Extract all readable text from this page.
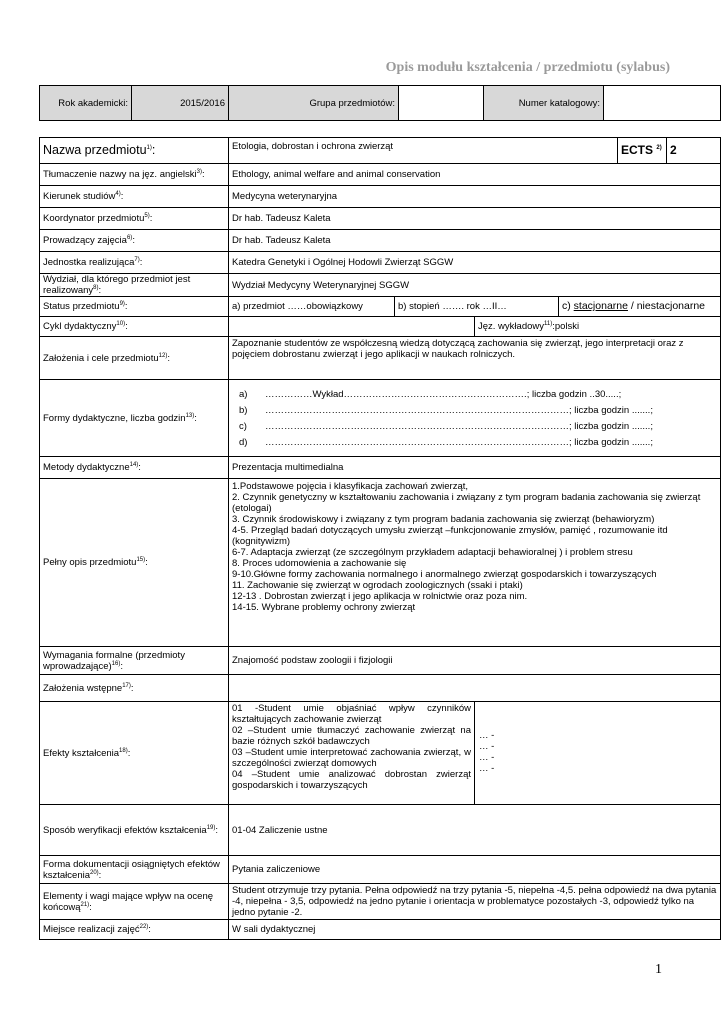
Opis modułu kształcenia / przedmiotu (sylabus)
Rok akademicki:	2015/2016	Grupa przedmiotów:		Numer katalogowy:	
Nazwa przedmiotu$^{1)}$:	Etologia, dobrostan i ochrona zwierząt	ECTS $^{2)}$	2
Tłumaczenie nazwy na jęz. angielski$^{3)}$:	Ethology, animal welfare and animal conservation
Kierunek studiów$^{4)}$:	Medycyna weterynaryjna
Koordynator przedmiotu$^{5)}$:	Dr hab. Tadeusz Kaleta
Prowadzący zajęcia$^{6)}$:	Dr hab. Tadeusz Kaleta
Jednostka realizująca$^{7)}$:	Katedra Genetyki i Ogólnej Hodowli Zwierząt SGGW
Wydział, dla którego przedmiot jest realizowany$^{8)}$:	Wydział Medycyny Weterynaryjnej SGGW
Status przedmiotu$^{9)}$:	a) przedmiot ……obowiązkowy	b) stopień ……. rok …II…	c) stacjonarne / niestacjonarne
Cykl dydaktyczny$^{10)}$:		Jęz. wykładowy$^{11)}$:polski
Założenia i cele przedmiotu$^{12)}$:	Zapoznanie studentów ze współczesną wiedzą dotyczącą zachowania się zwierząt, jego interpretacji oraz z pojęciem dobrostanu zwierząt i jego aplikacji w naukach rolniczych.
Formy dydaktyczne, liczba godzin$^{13)}$:	
a)	……………Wykład………………………………………………….; liczba godzin ..30.....;
b)	……………………………………………………………………………………; liczba godzin .......;
c)	……………………………………………………………………………………; liczba godzin .......;
d)	……………………………………………………………………………………; liczba godzin .......;

Metody dydaktyczne$^{14)}$:	Prezentacja multimedialna
Pełny opis przedmiotu$^{15)}$:	
1.Podstawowe pojęcia i klasyfikacja zachowań zwierząt,
2. Czynnik genetyczny w kształtowaniu zachowania i związany z tym program badania zachowania się zwierząt (etologai)
3. Czynnik środowiskowy i związany z tym program badania zachowania się zwierząt (behawioryzm)
4-5. Przegląd badań dotyczących umysłu zwierząt –funkcjonowanie zmysłów, pamięć , rozumowanie itd (kognitywizm)
6-7. Adaptacja zwierząt (ze szczególnym przykładem adaptacji behawioralnej ) i problem stresu
8. Proces udomowienia a zachowanie się
9-10.Główne formy zachowania normalnego i anormalnego zwierząt gospodarskich i towarzyszących
11. Zachowanie się zwierząt w ogrodach zoologicznych (ssaki i ptaki)
12-13 . Dobrostan zwierząt i jego aplikacja w rolnictwie oraz poza nim.
14-15. Wybrane problemy ochrony zwierząt

Wymagania formalne (przedmioty wprowadzające)$^{16)}$:	Znajomość podstaw zoologii i fizjologii
Założenia wstępne$^{17)}$:	
Efekty kształcenia$^{18)}$:	
01 -Student umie objaśniać wpływ czynników kształtujących zachowanie zwierząt
02 –Student umie tłumaczyć zachowanie zwierząt na bazie różnych szkół badawczych
03 –Student umie interpretować zachowania zwierząt, w szczególności zwierząt domowych
04 –Student umie analizować dobrostan zwierząt gospodarskich i towarzyszących

… -
… -
… -
… -

Sposób weryfikacji efektów kształcenia$^{19)}$:	01-04 Zaliczenie ustne
Forma dokumentacji osiągniętych efektów kształcenia$^{20)}$:	Pytania zaliczeniowe
Elementy i wagi mające wpływ na ocenę końcową$^{21)}$:	Student otrzymuje trzy pytania. Pełna odpowiedź na trzy pytania -5, niepełna -4,5. pełna odpowiedź na dwa pytania -4, niepełna - 3,5, odpowiedź na jedno pytanie i orientacja w problematyce pozostałych -3, odpowiedź tylko na jedno pytanie -2.
Miejsce realizacji zajęć$^{22)}$:	W sali dydaktycznej
1
